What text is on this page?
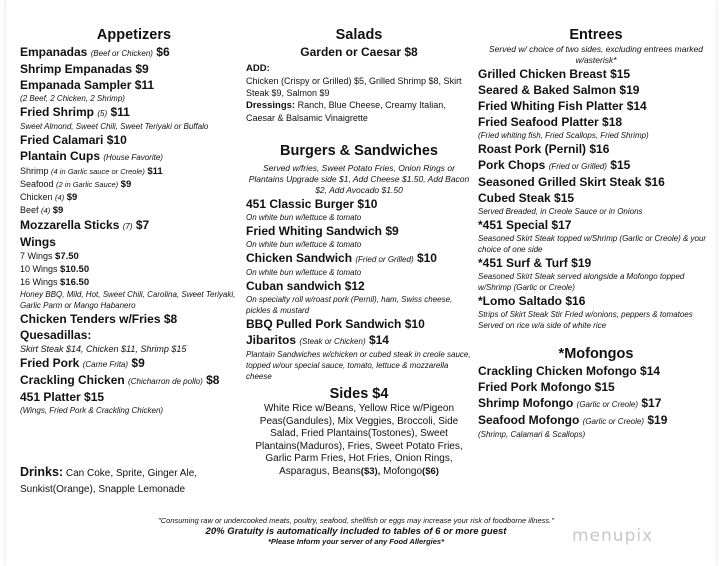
Appetizers
Empanadas (Beef or Chicken) $6
Shrimp Empanadas $9
Empanada Sampler $11
(2 Beef, 2 Chicken, 2 Shrimp)
Fried Shrimp (5) $11
Sweet Almond, Sweet Chili, Sweet Teriyaki or Buffalo
Fried Calamari $10
Plantain Cups (House Favorite)
Shrimp (4 in Garlic sauce or Creole) $11
Seafood (2 in Garlic Sauce) $9
Chicken (4) $9
Beef (4) $9
Mozzarella Sticks (7) $7
Wings
7 Wings $7.50
10 Wings $10.50
16 Wings $16.50
Honey BBQ, Mild, Hot, Sweet Chili, Carolina, Sweet Teriyaki, Garlic Parm or Mango Habanero
Chicken Tenders w/Fries $8
Quesadillas:
Skirt Steak $14, Chicken $11, Shrimp $15
Fried Pork (Carne Frita) $9
Crackling Chicken (Chicharron de pollo) $8
451 Platter $15
(Wings, Fried Pork & Crackling Chicken)
Drinks: Can Coke, Sprite, Ginger Ale, Sunkist(Orange), Snapple Lemonade
Salads
Garden or Caesar $8
ADD:
Chicken (Crispy or Grilled) $5, Grilled Shrimp $8, Skirt Steak $9, Salmon $9
Dressings: Ranch, Blue Cheese, Creamy Italian, Caesar & Balsamic Vinaigrette
Burgers & Sandwiches
Served w/fries, Sweet Potato Fries, Onion Rings or Plantains Upgrade side $1, Add Cheese $1.50, Add Bacon $2, Add Avocado $1.50
451 Classic Burger $10
On white bun w/lettuce & tomato
Fried Whiting Sandwich $9
On white bun w/lettuce & tomato
Chicken Sandwich (Fried or Grilled) $10
On white bun w/lettuce & tomato
Cuban sandwich $12
On specialty roll w/roast pork (Pernil), ham, Swiss cheese, pickles & mustard
BBQ Pulled Pork Sandwich $10
Jibaritos (Steak or Chicken) $14
Plantain Sandwiches w/chicken or cubed steak in creole sauce, topped w/our special sauce, tomato, lettuce & mozzarella cheese
Sides $4
White Rice w/Beans, Yellow Rice w/Pigeon Peas(Gandules), Mix Veggies, Broccoli, Side Salad, Fried Plantains(Tostones), Sweet Plantains(Maduros), Fries, Sweet Potato Fries, Garlic Parm Fries, Hot Fries, Onion Rings, Asparagus, Beans($3), Mofongo($6)
Entrees
Served w/ choice of two sides, excluding entrees marked w/asterisk*
Grilled Chicken Breast $15
Seared & Baked Salmon $19
Fried Whiting Fish Platter $14
Fried Seafood Platter $18
(Fried whiting fish, Fried Scallops, Fried Shrimp)
Roast Pork (Pernil) $16
Pork Chops (Fried or Grilled) $15
Seasoned Grilled Skirt Steak $16
Cubed Steak $15
Served Breaded, in Creole Sauce or in Onions
*451 Special $17
Seasoned Skirt Steak topped w/Shrimp (Garlic or Creole) & your choice of one side
*451 Surf & Turf $19
Seasoned Skirt Steak served alongside a Mofongo topped w/Shrimp (Garlic or Creole)
*Lomo Saltado $16
Strips of Skirt Steak Stir Fried w/onions, peppers & tomatoes Served on rice w/a side of white rice
*Mofongos
Crackling Chicken Mofongo $14
Fried Pork Mofongo $15
Shrimp Mofongo (Garlic or Creole) $17
Seafood Mofongo (Garlic or Creole) $19
(Shrimp, Calamari & Scallops)
"Consuming raw or undercooked meats, poultry, seafood, shellfish or eggs may increase your risk of foodborne illness."
20% Gratuity is automatically included to tables of 6 or more guest
*Please Inform your server of any Food Allergies*	menupix
